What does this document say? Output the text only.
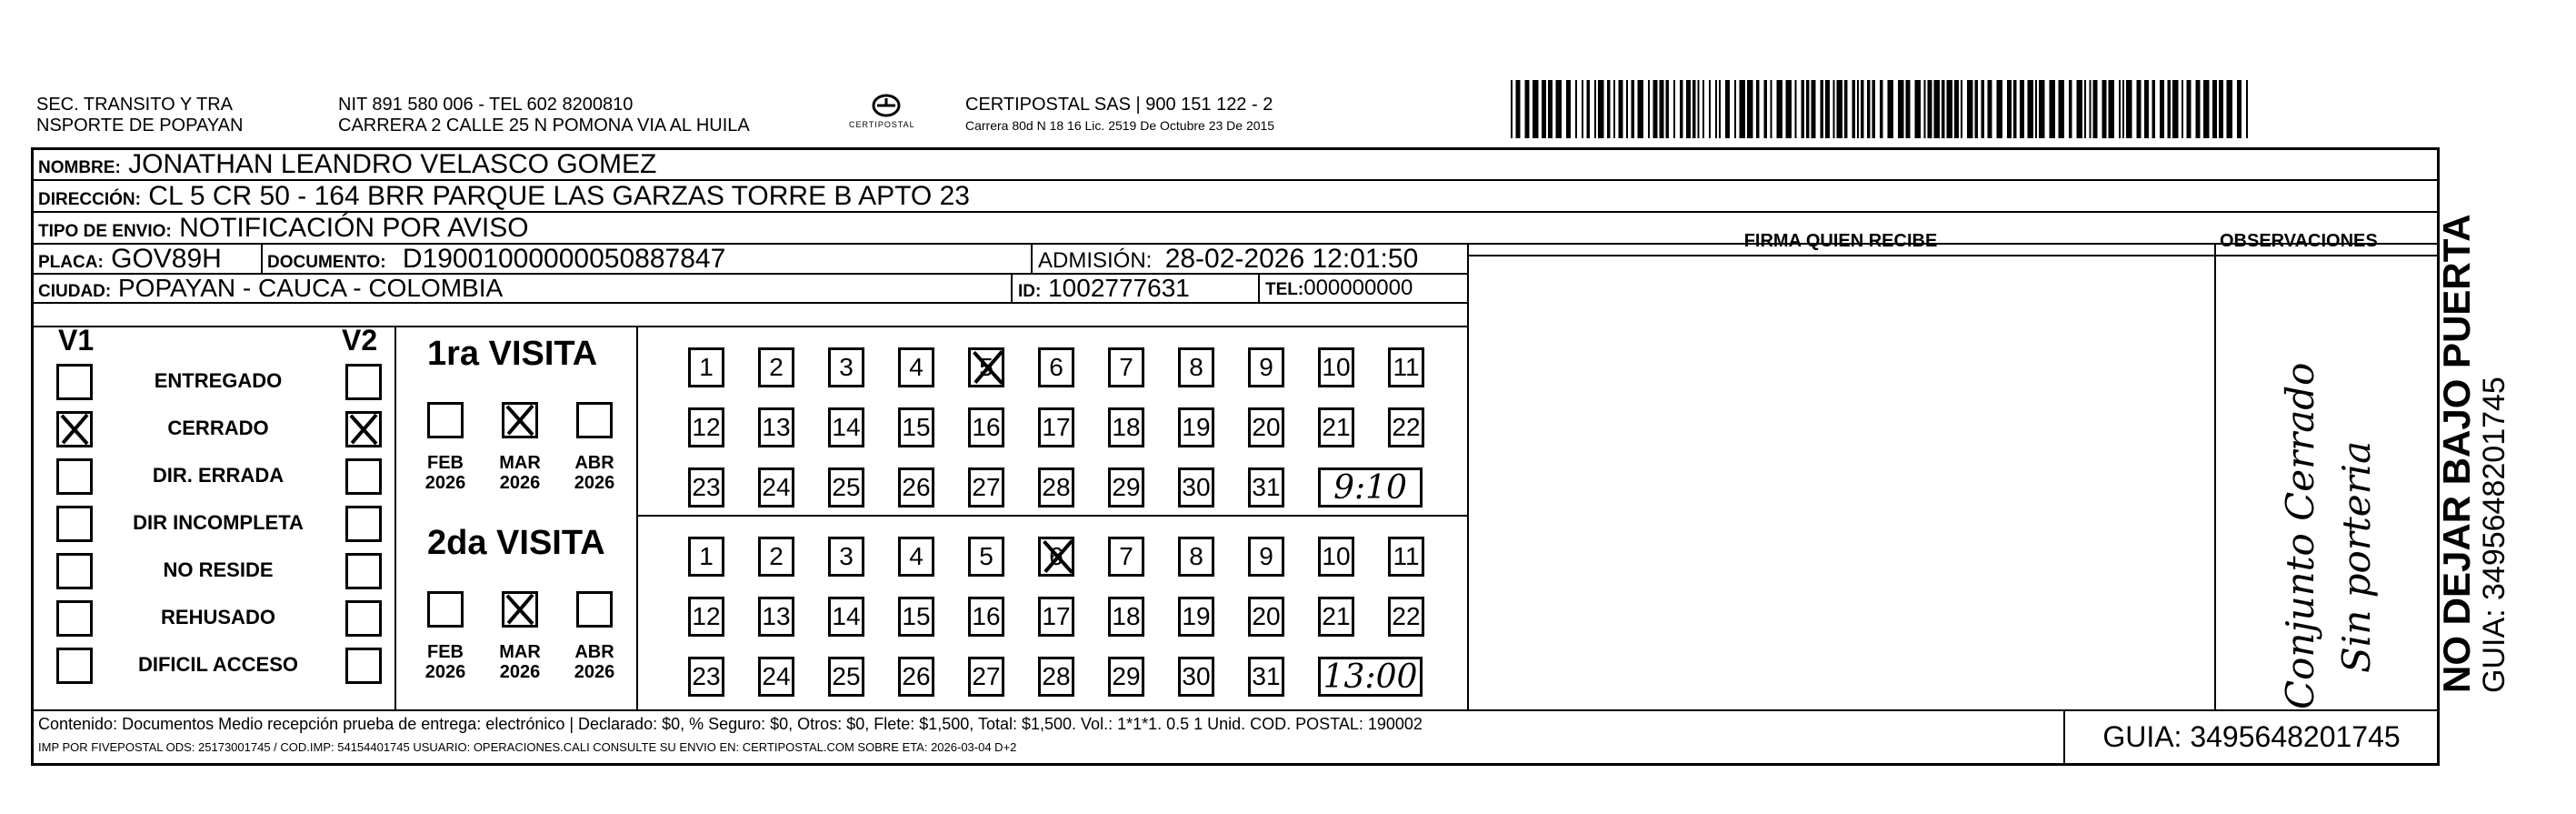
SEC. TRANSITO Y TRA
NSPORTE DE POPAYAN
NIT 891 580 006 - TEL 602 8200810
CARRERA 2 CALLE 25 N POMONA VIA AL HUILA	CERTIPOSTAL
CERTIPOSTAL SAS | 900 151 122 - 2
Carrera 80d N 18 16 Lic. 2519 De Octubre 23 De 2015
NOMBRE: JONATHAN LEANDRO VELASCO GOMEZ
DIRECCIÓN: CL 5 CR 50 - 164 BRR PARQUE LAS GARZAS TORRE B APTO 23
TIPO DE ENVIO: NOTIFICACIÓN POR AVISO
PLACA: GOV89H	DOCUMENTO: D19001000000050887847	ADMISIÓN: 28-02-2026 12:01:50
CIUDAD: POPAYAN - CAUCA - COLOMBIA	ID: 1002777631	TEL:000000000
FIRMA QUIEN RECIBE	OBSERVACIONES
Conjunto Cerrado Sin porteria
V1	V2
ENTREGADO
CERRADO
DIR. ERRADA
DIR INCOMPLETA
NO RESIDE
REHUSADO
DIFICIL ACCESO
1ra VISITA
FEB
2026
MAR
2026
ABR
2026
1 2 3 4 5 6 7 8 9 10 11
12 13 14 15 16 17 18 19 20 21 22
23 24 25 26 27 28 29 30 31 9:10
2da VISITA
FEB
2026
MAR
2026
ABR
2026
1 2 3 4 5 6 7 8 9 10 11
12 13 14 15 16 17 18 19 20 21 22
23 24 25 26 27 28 29 30 31 13:00
Contenido: Documentos Medio recepción prueba de entrega: electrónico | Declarado: $0, % Seguro: $0, Otros: $0, Flete: $1,500, Total: $1,500. Vol.: 1*1*1. 0.5 1 Unid. COD. POSTAL: 190002
IMP POR FIVEPOSTAL ODS: 25173001745 / COD.IMP: 54154401745 USUARIO: OPERACIONES.CALI CONSULTE SU ENVIO EN: CERTIPOSTAL.COM SOBRE ETA: 2026-03-04 D+2	GUIA: 3495648201745
NO DEJAR BAJO PUERTA GUIA: 3495648201745
